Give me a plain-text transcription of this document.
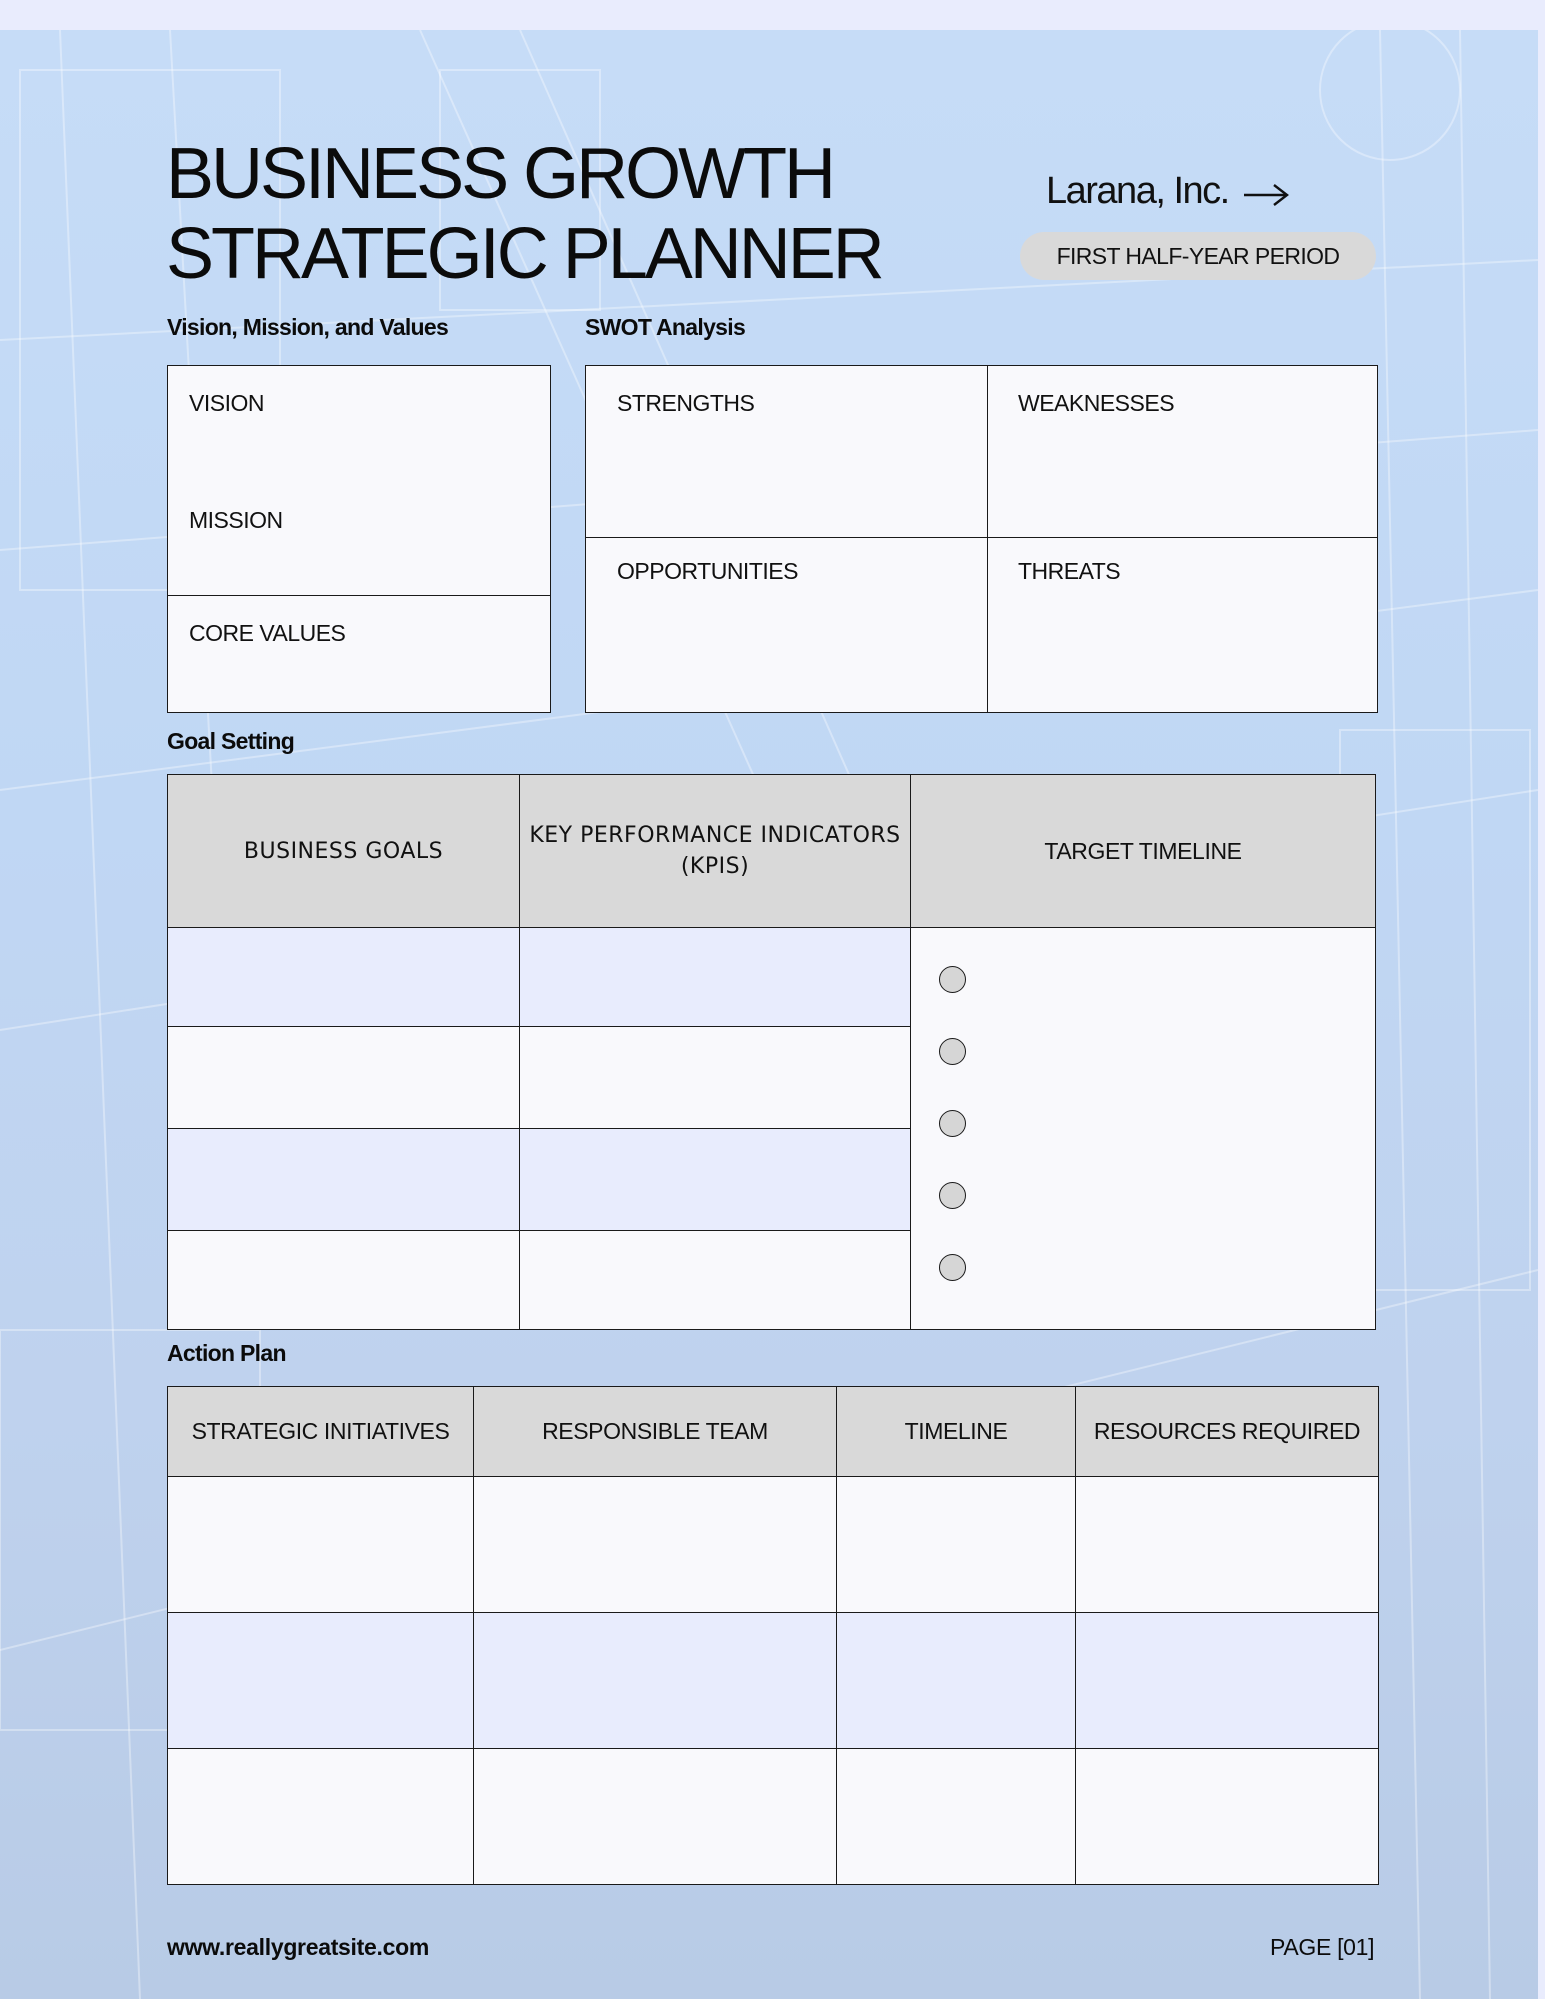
BUSINESS GROWTH
STRATEGIC PLANNER
Larana, Inc.
FIRST HALF-YEAR PERIOD
Vision, Mission, and Values
VISION
MISSION
CORE VALUES
SWOT Analysis
STRENGTHS	WEAKNESSES
OPPORTUNITIES	THREATS
Goal Setting
BUSINESS GOALS	KEY PERFORMANCE INDICATORS (KPIS)	TARGET TIMELINE

Action Plan
STRATEGIC INITIATIVES	RESPONSIBLE TEAM	TIMELINE	RESOURCES REQUIRED

www.reallygreatsite.com	PAGE [01]
